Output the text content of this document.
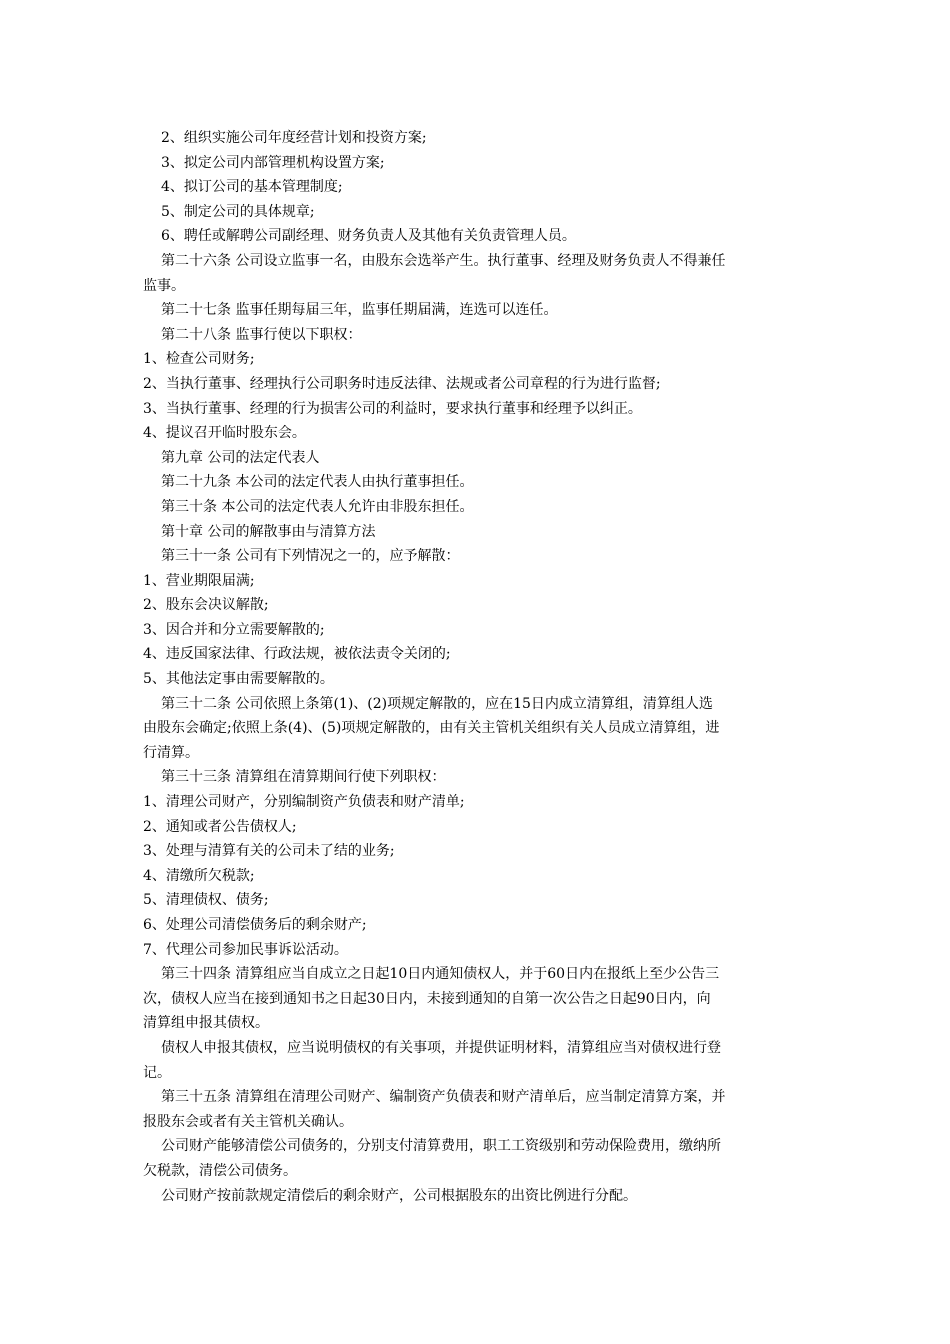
2、组织实施公司年度经营计划和投资方案;
3、拟定公司内部管理机构设置方案;
4、拟订公司的基本管理制度;
5、制定公司的具体规章;
6、聘任或解聘公司副经理、财务负责人及其他有关负责管理人员。
第二十六条 公司设立监事一名，由股东会选举产生。执行董事、经理及财务负责人不得兼任
监事。
第二十七条 监事任期每届三年，监事任期届满，连选可以连任。
第二十八条 监事行使以下职权：
1、检查公司财务;
2、当执行董事、经理执行公司职务时违反法律、法规或者公司章程的行为进行监督;
3、当执行董事、经理的行为损害公司的利益时，要求执行董事和经理予以纠正。
4、提议召开临时股东会。
第九章 公司的法定代表人
第二十九条 本公司的法定代表人由执行董事担任。
第三十条 本公司的法定代表人允许由非股东担任。
第十章 公司的解散事由与清算方法
第三十一条 公司有下列情况之一的，应予解散：
1、营业期限届满;
2、股东会决议解散;
3、因合并和分立需要解散的;
4、违反国家法律、行政法规，被依法责令关闭的;
5、其他法定事由需要解散的。
第三十二条 公司依照上条第(1)、(2)项规定解散的，应在15日内成立清算组，清算组人选
由股东会确定;依照上条(4)、(5)项规定解散的，由有关主管机关组织有关人员成立清算组，进
行清算。
第三十三条 清算组在清算期间行使下列职权：
1、清理公司财产，分别编制资产负债表和财产清单;
2、通知或者公告债权人;
3、处理与清算有关的公司未了结的业务;
4、清缴所欠税款;
5、清理债权、债务;
6、处理公司清偿债务后的剩余财产;
7、代理公司参加民事诉讼活动。
第三十四条 清算组应当自成立之日起10日内通知债权人，并于60日内在报纸上至少公告三
次，债权人应当在接到通知书之日起30日内，未接到通知的自第一次公告之日起90日内，向
清算组申报其债权。
债权人申报其债权，应当说明债权的有关事项，并提供证明材料，清算组应当对债权进行登
记。
第三十五条 清算组在清理公司财产、编制资产负债表和财产清单后，应当制定清算方案，并
报股东会或者有关主管机关确认。
公司财产能够清偿公司债务的，分别支付清算费用，职工工资级别和劳动保险费用，缴纳所
欠税款，清偿公司债务。
公司财产按前款规定清偿后的剩余财产，公司根据股东的出资比例进行分配。
